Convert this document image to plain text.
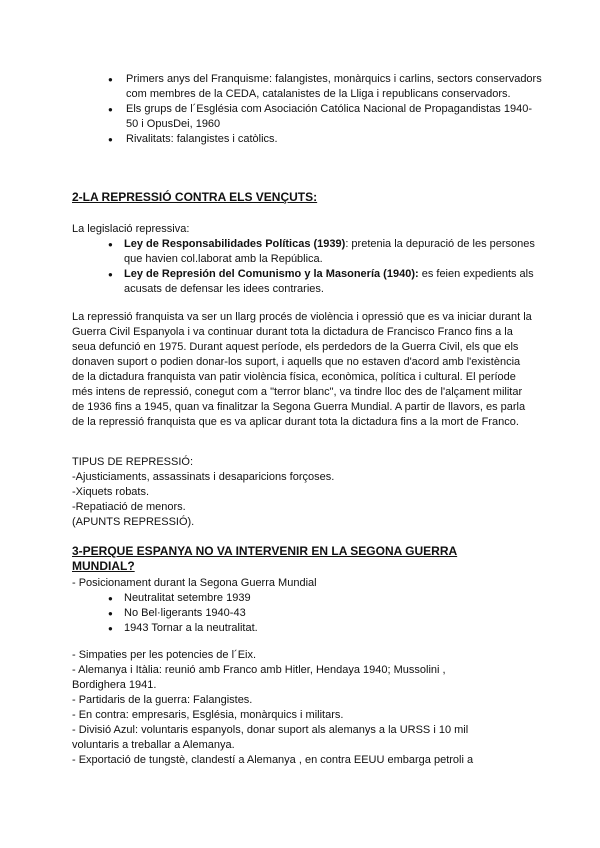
● Primers anys del Franquisme: falangistes, monàrquics i carlins, sectors conservadors com membres de la CEDA, catalanistes de la Lliga i republicans conservadors.
● Els grups de l´Església com Asociación Católica Nacional de Propagandistas 1940-50 i OpusDei, 1960
● Rivalitats: falangistes i catòlics.
2-LA REPRESSIÓ CONTRA ELS VENÇUTS:

La legislació repressiva:

● Ley de Responsabilidades Políticas (1939): pretenia la depuració de les persones que havien col.laborat amb la República.
● Ley de Represión del Comunismo y la Masonería (1940): es feien expedients als acusats de defensar les idees contraries.

La repressió franquista va ser un llarg procés de violència i opressió que es va iniciar durant la Guerra Civil Espanyola i va continuar durant tota la dictadura de Francisco Franco fins a la seua defunció en 1975. Durant aquest període, els perdedors de la Guerra Civil, els que els donaven suport o podien donar-los suport, i aquells que no estaven d'acord amb l'existència de la dictadura franquista van patir violència física, econòmica, política i cultural. El període més intens de repressió, conegut com a "terror blanc", va tindre lloc des de l'alçament militar de 1936 fins a 1945, quan va finalitzar la Segona Guerra Mundial. A partir de llavors, es parla de la repressió franquista que es va aplicar durant tota la dictadura fins a la mort de Franco.

TIPUS DE REPRESSIÓ:

-Ajusticiaments, assassinats i desaparicions forçoses.

-Xiquets robats.

-Repatiació de menors.

(APUNTS REPRESSIÓ).

3-PERQUE ESPANYA NO VA INTERVENIR EN LA SEGONA GUERRA MUNDIAL?

- Posicionament durant la Segona Guerra Mundial

● Neutralitat setembre 1939
● No Bel·ligerants 1940-43
● 1943 Tornar a la neutralitat.

- Simpaties per les potencies de l´Eix.

- Alemanya i Itàlia: reunió amb Franco amb Hitler, Hendaya 1940; Mussolini , Bordighera 1941.

- Partidaris de la guerra: Falangistes.

- En contra: empresaris, Església, monàrquics i militars.

- Divisió Azul: voluntaris espanyols, donar suport als alemanys a la URSS i 10 mil voluntaris a treballar a Alemanya.

- Exportació de tungstè, clandestí a Alemanya , en contra EEUU embarga petroli a
